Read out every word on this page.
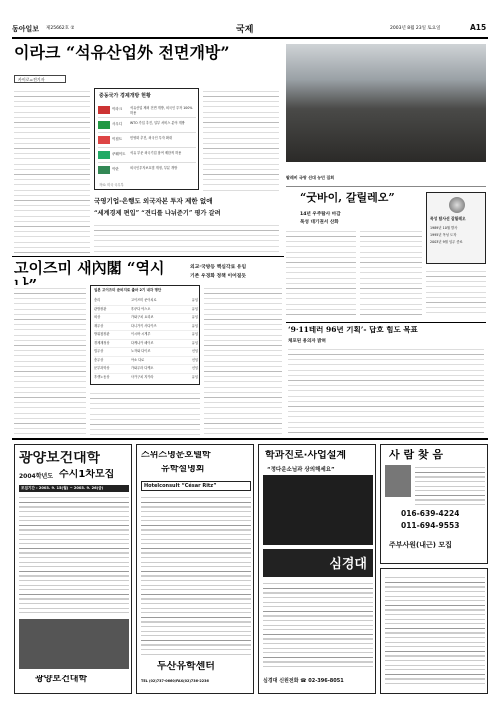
동아일보 제25662호 ②	국제	2003년 8월 23일 토요일	A15
이라크 “석유산업外 전면개방”
카이로=전기자
중동국가 경제개방 현황
이라크	석유산업 제외 전면 개방, 외국인 투자 100% 허용
사우디	WTO 가입 추진, 일부 서비스 분야 개방
이집트	민영화 추진, 외국인 투자 확대
쿠웨이트	석유 부문 외국기업 참여 제한적 허용
이란	외국인투자보호법 개정, 부분 개방
자료: 미국 국무부
국영기업-은행도 외국자본 투자 제한 없애
“세계경제 편입” “견디를 나뉘준기” 평가 갈려
팔레비 국왕 선대 농민 집회
“굿바이, 갈릴레오”
14년 우주탐사 마감
목성 대기권서 산화
목성 탐사선 갈릴레오
1989년 10월 발사
1995년 목성 도착
2003년 9월 임무 종료
고이즈미 새內閣 “역시	외교·국방등 핵심각료 유임
기존 우경화 정책 이어질듯
일본 고이즈미 준비지로 출마 2기 내각 명단
총리	고이즈미 준이치로	유임
관방장관	후쿠다 야스오	유임
외상	가와구치 요리코	유임
재무상	다니가키 사다카즈	유임
방위청장관	이시바 시게루	유임
경제재정상	다케나카 헤이조	유임
법무상	노자와 다이조	신임
총무상	아소 다로	신임
문부과학상	가와무라 다케오	신임
후생노동상	사카구치 지카라	유임
‘9·11테러 96년 기획’- 답호 힘도 목표
체포된 용의자 밝혀
광양보건대학
2004학년도 수시1차모집
모집기간 : 2003. 9. 15(월) ~ 2003. 9. 26(금)
광양보건대학
스위스명문호텔학
유학설명회
Hotelconsult “César Ritz”
두산유학센터
TEL (02)737-0660/FAX(02)736-2236
학과진로·사업설계
“정다운소님과 상의해세요”
심경대
심경대 신원전화 ☎ 02-396-8051
사 람 찾 음
016-639-4224
011-694-9553
주부사원(내근) 모집
